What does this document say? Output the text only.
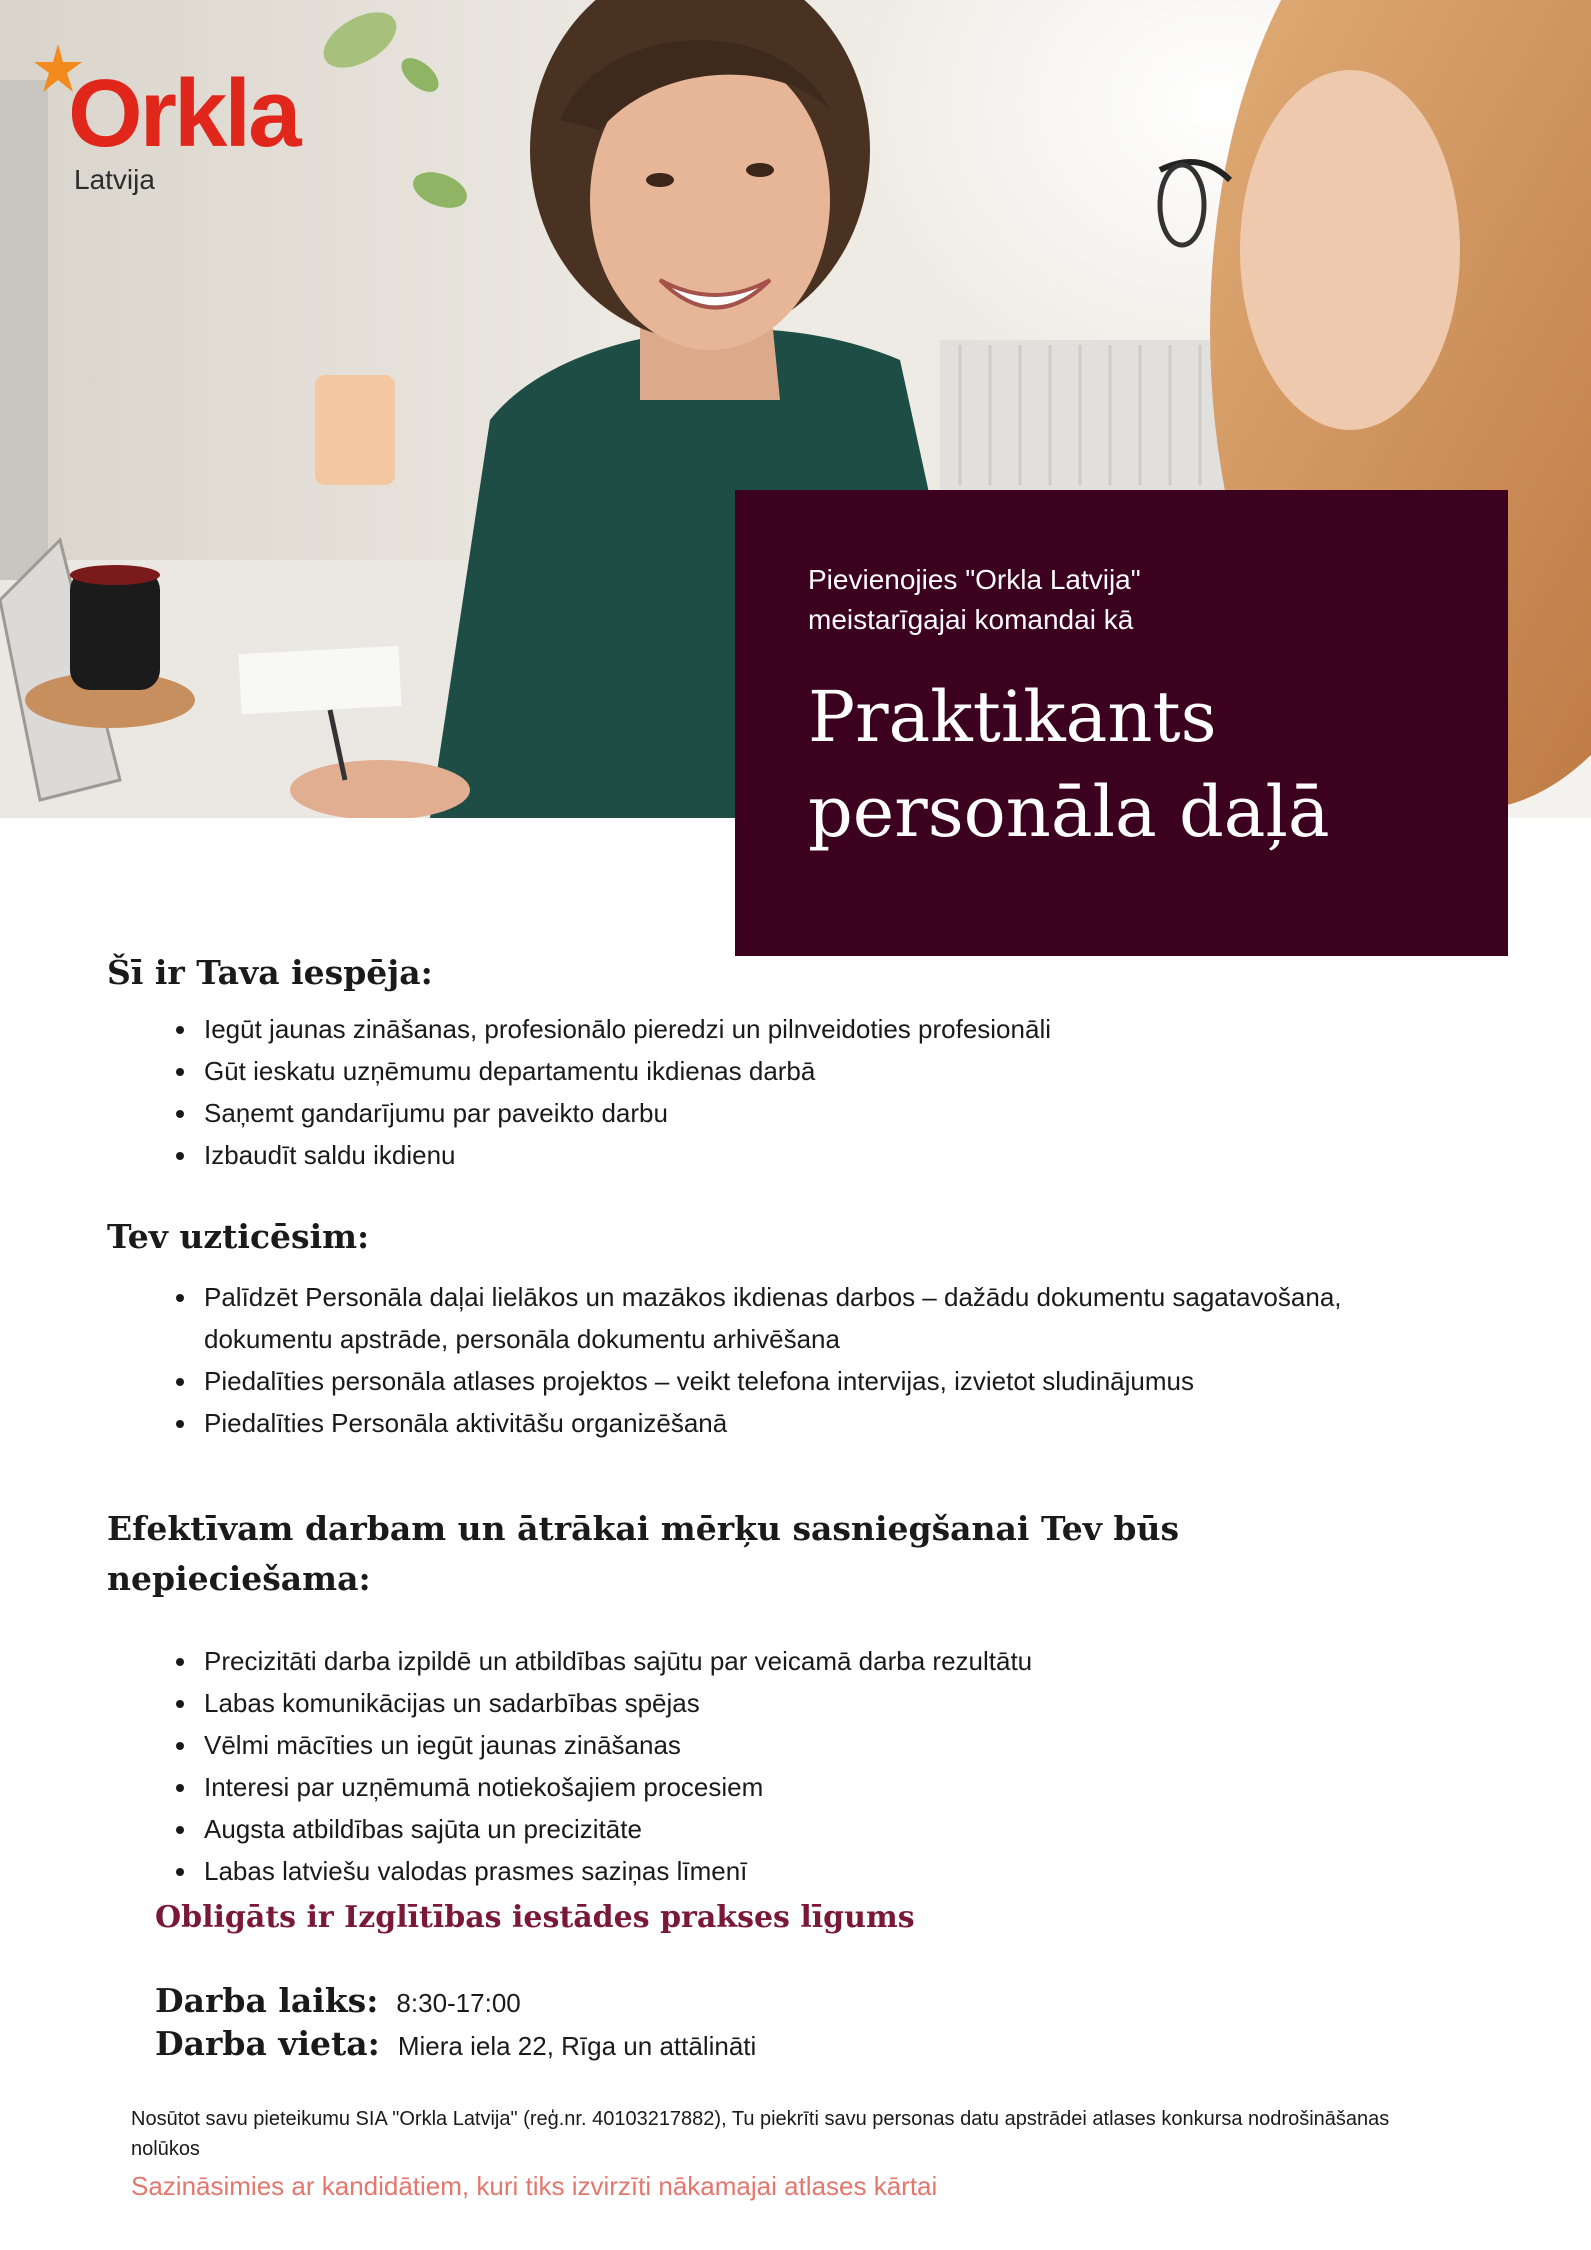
Orkla
Latvija
Pievienojies "Orkla Latvija"
meistarīgajai komandai kā
Praktikants
personāla daļā
Šī ir Tava iespēja:
Iegūt jaunas zināšanas, profesionālo pieredzi un pilnveidoties profesionāli
Gūt ieskatu uzņēmumu departamentu ikdienas darbā
Saņemt gandarījumu par paveikto darbu
Izbaudīt saldu ikdienu
Tev uzticēsim:
Palīdzēt Personāla daļai lielākos un mazākos ikdienas darbos – dažādu dokumentu sagatavošana, dokumentu apstrāde, personāla dokumentu arhivēšana
Piedalīties personāla atlases projektos – veikt telefona intervijas, izvietot sludinājumus
Piedalīties Personāla aktivitāšu organizēšanā
Efektīvam darbam un ātrākai mērķu sasniegšanai Tev būs nepieciešama:
Precizitāti darba izpildē un atbildības sajūtu par veicamā darba rezultātu
Labas komunikācijas un sadarbības spējas
Vēlmi mācīties un iegūt jaunas zināšanas
Interesi par uzņēmumā notiekošajiem procesiem
Augsta atbildības sajūta un precizitāte
Labas latviešu valodas prasmes saziņas līmenī
Obligāts ir Izglītības iestādes prakses līgums
Darba laiks: 8:30-17:00
Darba vieta: Miera iela 22, Rīga un attālināti
Nosūtot savu pieteikumu SIA "Orkla Latvija" (reģ.nr. 40103217882), Tu piekrīti savu personas datu apstrādei atlases konkursa nodrošināšanas nolūkos
Sazināsimies ar kandidātiem, kuri tiks izvirzīti nākamajai atlases kārtai
